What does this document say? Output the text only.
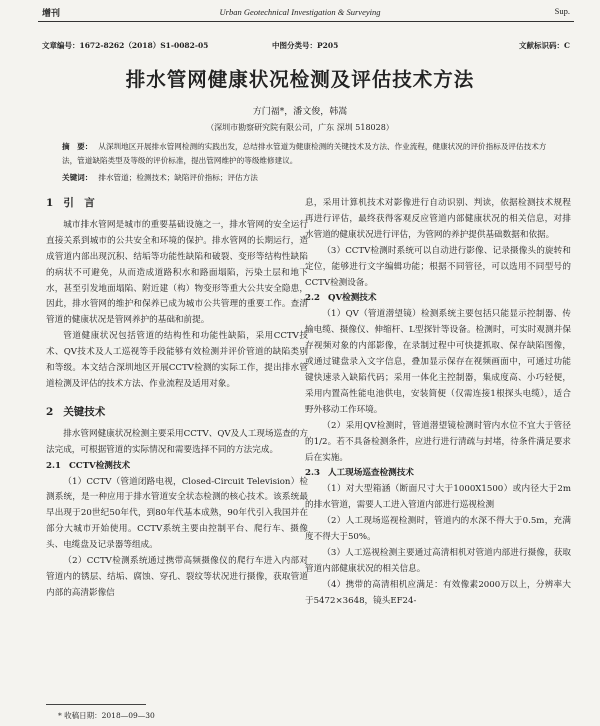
增刊	Urban Geotechnical Investigation & Surveying	Sup.
文章编号：1672-8262（2018）S1-0082-05	中图分类号：P205	文献标识码：C
排水管网健康状况检测及评估技术方法
方门福*，潘文俊，韩嵩
（深圳市勘察研究院有限公司，广东 深圳 518028）
摘　要： 从深圳地区开展排水管网检测的实践出发，总结排水管道为健康检测的关键技术及方法、作业流程，健康状况的评价指标及评估技术方法，管道缺陷类型及等级的评价标准，提出管网维护的等级维修建议。
关键词： 排水管道；检测技术；缺陷评价指标；评估方法
1 引　言

城市排水管网是城市的重要基础设施之一，排水管网的安全运行直接关系到城市的公共安全和环境的保护。排水管网的长期运行，造成管道内部出现沉积、结垢等功能性缺陷和破裂、变形等结构性缺陷的病状不可避免，从而造成道路积水和路面塌陷，污染土层和地下水，甚至引发地面塌陷、附近建（构）物变形等重大公共安全隐患，因此，排水管网的维护和保养已成为城市公共管理的重要工作。查清管道的健康状况是管网养护的基础和前提。

管道健康状况包括管道的结构性和功能性缺陷，采用CCTV技术、QV技术及人工巡视等手段能够有效检测并评价管道的缺陷类别和等级。本文结合深圳地区开展CCTV检测的实际工作，提出排水管道检测及评估的技术方法、作业流程及适用对象。

2 关键技术

排水管网健康状况检测主要采用CCTV、QV及人工现场巡查的方法完成，可根据管道的实际情况和需要选择不同的方法完成。

2.1 CCTV检测技术

（1）CCTV（管道闭路电视，Closed-Circuit Television）检测系统，是一种应用于排水管道安全状态检测的核心技术。该系统最早出现于20世纪50年代，到80年代基本成熟，90年代引入我国并在部分大城市开始使用。CCTV系统主要由控制平台、爬行车、摄像头、电缆盘及记录器等组成。

（2）CCTV检测系统通过携带高频摄像仪的爬行车进入内部对管道内的锈层、结垢、腐蚀、穿孔、裂纹等状况进行摄像，获取管道内部的高清影像信

息，采用计算机技术对影像进行自动识别、判读，依据检测技术规程再进行评估，最终获得客观反应管道内部健康状况的相关信息，对排水管道的健康状况进行评估，为管网的养护提供基础数据和依据。

（3）CCTV检测时系统可以自动进行影像、记录摄像头的旋转和定位，能够进行文字编辑功能；根据不同管径，可以选用不同型号的CCTV检测设备。

2.2 QV检测技术

（1）QV（管道潜望镜）检测系统主要包括只能显示控制器、传输电缆、摄像仪、伸缩杆、L型探针等设备。检测时，可实时观测并保存视频对象的内部影像，在录制过程中可快捷抓取、保存缺陷图像，或通过键盘录入文字信息，叠加显示保存在视频画面中，可通过功能键快速录入缺陷代码；采用一体化主控制器，集成度高、小巧轻便，采用内置高性能电池供电，安装简便（仅需连接1根探头电缆），适合野外移动工作环境。

（2）采用QV检测时，管道潜望镜检测时管内水位不宜大于管径的1/2。若不具备检测条件，应进行进行清疏与封堵，待条件满足要求后在实施。

2.3 人工现场巡查检测技术

（1）对大型箱涵（断面尺寸大于1000X1500）或内径大于2m的排水管道，需要人工进入管道内部进行巡视检测

（2）人工现场巡视检测时，管道内的水深不得大于0.5m，充满度不得大于50%。

（3）人工巡视检测主要通过高清相机对管道内部进行摄像，获取管道内部健康状况的相关信息。

（4）携带的高清相机应满足：有效像素2000万以上，分辨率大于5472×3648，镜头EF24-

* 收稿日期：2018—09—30
